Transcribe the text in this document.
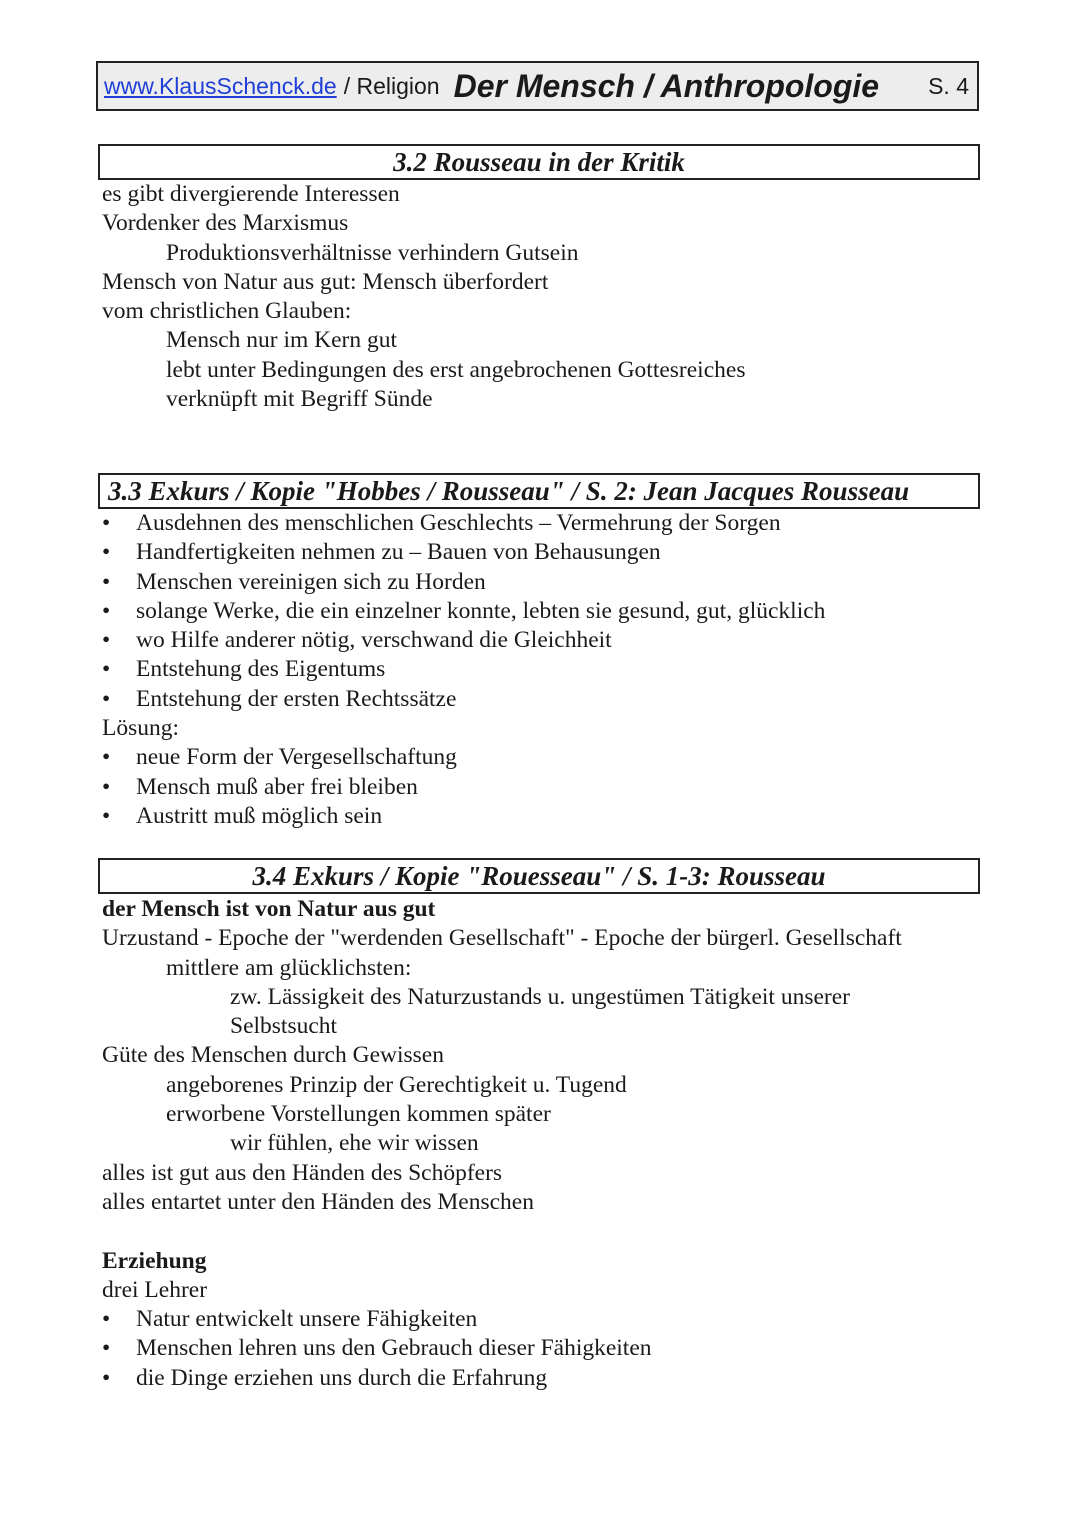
www.KlausSchenck.de / Religion Der Mensch / Anthropologie S. 4
3.2 Rousseau in der Kritik
es gibt divergierende Interessen
Vordenker des Marxismus
Produktionsverhältnisse verhindern Gutsein
Mensch von Natur aus gut: Mensch überfordert
vom christlichen Glauben:
Mensch nur im Kern gut
lebt unter Bedingungen des erst angebrochenen Gottesreiches
verknüpft mit Begriff Sünde
3.3 Exkurs / Kopie "Hobbes / Rousseau" / S. 2: Jean Jacques Rousseau
•	Ausdehnen des menschlichen Geschlechts – Vermehrung der Sorgen
•	Handfertigkeiten nehmen zu – Bauen von Behausungen
•	Menschen vereinigen sich zu Horden
•	solange Werke, die ein einzelner konnte, lebten sie gesund, gut, glücklich
•	wo Hilfe anderer nötig, verschwand die Gleichheit
•	Entstehung des Eigentums
•	Entstehung der ersten Rechtssätze
Lösung:
•	neue Form der Vergesellschaftung
•	Mensch muß aber frei bleiben
•	Austritt muß möglich sein
3.4 Exkurs / Kopie "Rouesseau" / S. 1-3: Rousseau
der Mensch ist von Natur aus gut
Urzustand - Epoche der "werdenden Gesellschaft" - Epoche der bürgerl. Gesellschaft
mittlere am glücklichsten:
zw. Lässigkeit des Naturzustands u. ungestümen Tätigkeit unserer
Selbstsucht
Güte des Menschen durch Gewissen
angeborenes Prinzip der Gerechtigkeit u. Tugend
erworbene Vorstellungen kommen später
wir fühlen, ehe wir wissen
alles ist gut aus den Händen des Schöpfers
alles entartet unter den Händen des Menschen
Erziehung
drei Lehrer
•	Natur entwickelt unsere Fähigkeiten
•	Menschen lehren uns den Gebrauch dieser Fähigkeiten
•	die Dinge erziehen uns durch die Erfahrung
